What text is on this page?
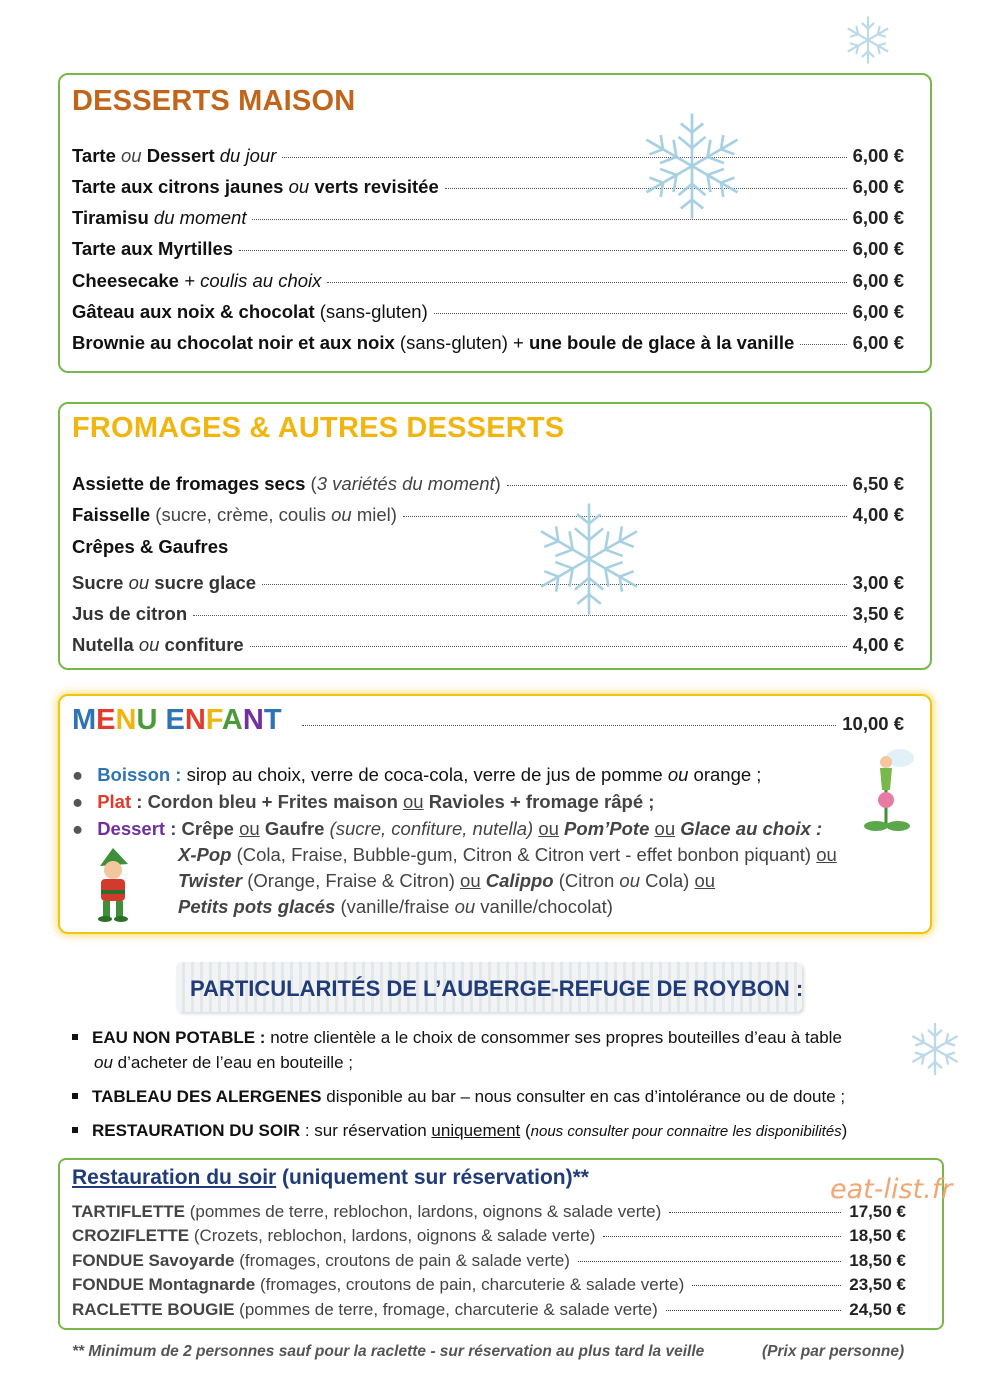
DESSERTS MAISON
Tarte ou Dessert du jour	6,00 €
Tarte aux citrons jaunes ou verts revisitée	6,00 €
Tiramisu du moment	6,00 €
Tarte aux Myrtilles	6,00 €
Cheesecake + coulis au choix	6,00 €
Gâteau aux noix & chocolat (sans-gluten)	6,00 €
Brownie au chocolat noir et aux noix (sans-gluten) + une boule de glace à la vanille	6,00 €
FROMAGES & AUTRES DESSERTS
Assiette de fromages secs (3 variétés du moment)	6,50 €
Faisselle (sucre, crème, coulis ou miel)	4,00 €
Crêpes & Gaufres
Sucre ou sucre glace	3,00 €
Jus de citron	3,50 €
Nutella ou confiture	4,00 €
MENU ENFANT	10,00 €
● Boisson : sirop au choix, verre de coca-cola, verre de jus de pomme ou orange ;
● Plat : Cordon bleu + Frites maison ou Ravioles + fromage râpé ;
● Dessert : Crêpe ou Gaufre (sucre, confiture, nutella) ou Pom’Pote ou Glace au choix :
X-Pop (Cola, Fraise, Bubble-gum, Citron & Citron vert - effet bonbon piquant) ou
Twister (Orange, Fraise & Citron) ou Calippo (Citron ou Cola) ou
Petits pots glacés (vanille/fraise ou vanille/chocolat)
PARTICULARITÉS DE L’AUBERGE-REFUGE DE ROYBON :
EAU NON POTABLE : notre clientèle a le choix de consommer ses propres bouteilles d’eau à table
ou d’acheter de l’eau en bouteille ;
TABLEAU DES ALERGENES disponible au bar – nous consulter en cas d’intolérance ou de doute ;
RESTAURATION DU SOIR : sur réservation uniquement (nous consulter pour connaitre les disponibilités)
Restauration du soir (uniquement sur réservation)**	eat-list.fr
TARTIFLETTE (pommes de terre, reblochon, lardons, oignons & salade verte)	17,50 €
CROZIFLETTE (Crozets, reblochon, lardons, oignons & salade verte)	18,50 €
FONDUE Savoyarde (fromages, croutons de pain & salade verte)	18,50 €
FONDUE Montagnarde (fromages, croutons de pain, charcuterie & salade verte)	23,50 €
RACLETTE BOUGIE (pommes de terre, fromage, charcuterie & salade verte)	24,50 €
** Minimum de 2 personnes sauf pour la raclette - sur réservation au plus tard la veille	(Prix par personne)
